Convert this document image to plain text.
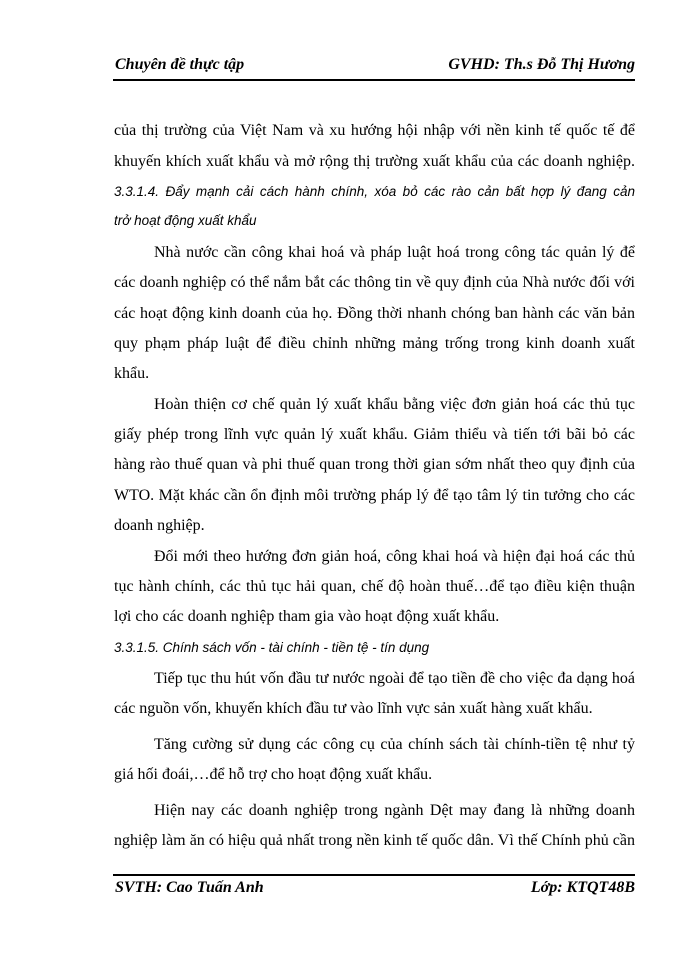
Chuyên đề thực tập	GVHD: Th.s Đỗ Thị Hương
của thị trường của Việt Nam và xu hướng hội nhập với nền kinh tế quốc tế để
khuyến khích xuất khẩu và mở rộng thị trường xuất khẩu của các doanh nghiệp.
3.3.1.4. Đẩy mạnh cải cách hành chính, xóa bỏ các rào cản bất hợp lý đang cản
trở hoạt động xuất khẩu
Nhà nước cần công khai hoá và pháp luật hoá trong công tác quản lý để
các doanh nghiệp có thể nắm bắt các thông tin về quy định của Nhà nước đối với
các hoạt động kinh doanh của họ. Đồng thời nhanh chóng ban hành các văn bản
quy phạm pháp luật để điều chỉnh những mảng trống trong kinh doanh xuất
khẩu.
Hoàn thiện cơ chế quản lý xuất khẩu bằng việc đơn giản hoá các thủ tục
giấy phép trong lĩnh vực quản lý xuất khẩu. Giảm thiểu và tiến tới bãi bỏ các
hàng rào thuế quan và phi thuế quan trong thời gian sớm nhất theo quy định của
WTO. Mặt khác cần ổn định môi trường pháp lý để tạo tâm lý tin tưởng cho các
doanh nghiệp.
Đổi mới theo hướng đơn giản hoá, công khai hoá và hiện đại hoá các thủ
tục hành chính, các thủ tục hải quan, chế độ hoàn thuế…để tạo điều kiện thuận
lợi cho các doanh nghiệp tham gia vào hoạt động xuất khẩu.
3.3.1.5. Chính sách vốn - tài chính - tiền tệ - tín dụng
Tiếp tục thu hút vốn đầu tư nước ngoài để tạo tiền đề cho việc đa dạng hoá
các nguồn vốn, khuyến khích đầu tư vào lĩnh vực sản xuất hàng xuất khẩu.
Tăng cường sử dụng các công cụ của chính sách tài chính-tiền tệ như tỷ
giá hối đoái,…để hỗ trợ cho hoạt động xuất khẩu.
Hiện nay các doanh nghiệp trong ngành Dệt may đang là những doanh
nghiệp làm ăn có hiệu quả nhất trong nền kinh tế quốc dân. Vì thế Chính phủ cần
SVTH: Cao Tuấn Anh	Lớp: KTQT48B
